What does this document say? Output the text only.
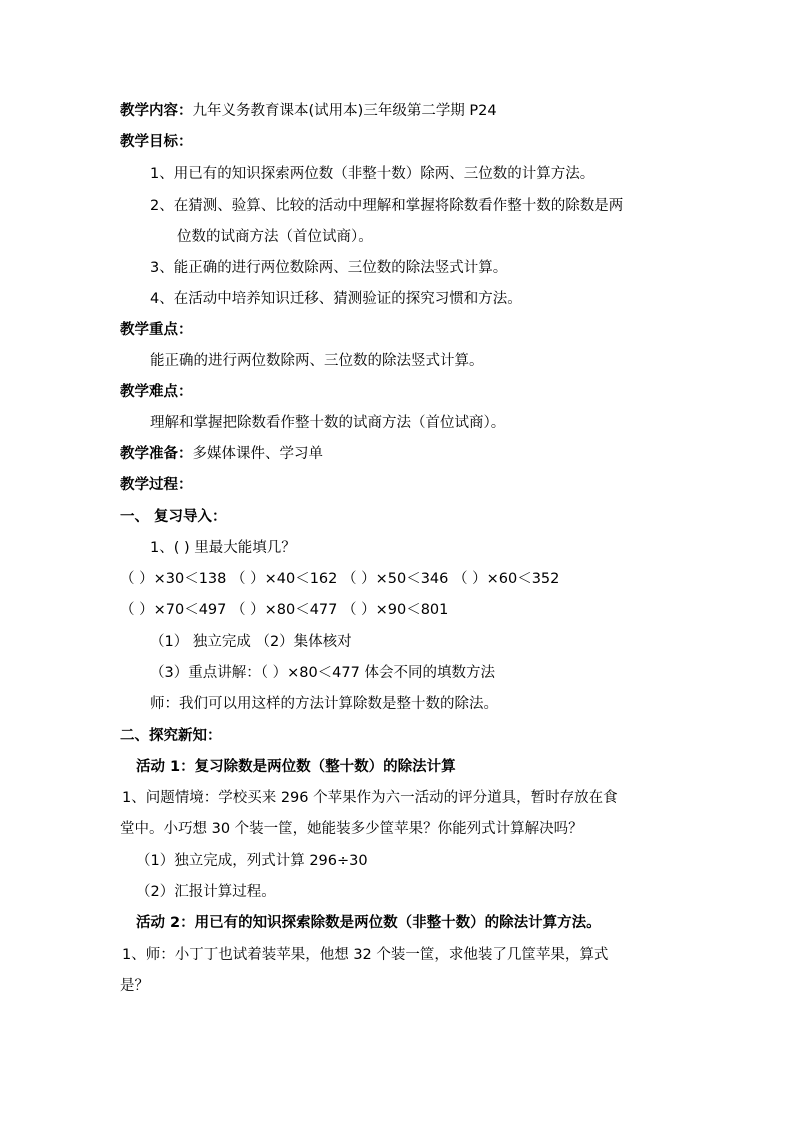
教学内容：九年义务教育课本(试用本)三年级第二学期 P24
教学目标：
1、用已有的知识探索两位数（非整十数）除两、三位数的计算方法。
2、在猜测、验算、比较的活动中理解和掌握将除数看作整十数的除数是两
位数的试商方法（首位试商）。
3、能正确的进行两位数除两、三位数的除法竖式计算。
4、在活动中培养知识迁移、猜测验证的探究习惯和方法。
教学重点：
能正确的进行两位数除两、三位数的除法竖式计算。
教学难点：
理解和掌握把除数看作整十数的试商方法（首位试商）。
教学准备：多媒体课件、学习单
教学过程：
一、 复习导入：
1、( ) 里最大能填几？
（ ）×30＜138 （ ）×40＜162 （ ）×50＜346 （ ）×60＜352
（ ）×70＜497 （ ）×80＜477 （ ）×90＜801
（1） 独立完成 （2）集体核对
（3）重点讲解：（ ）×80＜477 体会不同的填数方法
师：我们可以用这样的方法计算除数是整十数的除法。
二、探究新知：
活动 1：复习除数是两位数（整十数）的除法计算
1、问题情境：学校买来 296 个苹果作为六一活动的评分道具，暂时存放在食
堂中。小巧想 30 个装一筐，她能装多少筐苹果？你能列式计算解决吗？
（1）独立完成，列式计算 296÷30
（2）汇报计算过程。
活动 2：用已有的知识探索除数是两位数（非整十数）的除法计算方法。
1、师：小丁丁也试着装苹果，他想 32 个装一筐，求他装了几筐苹果，算式
是？
